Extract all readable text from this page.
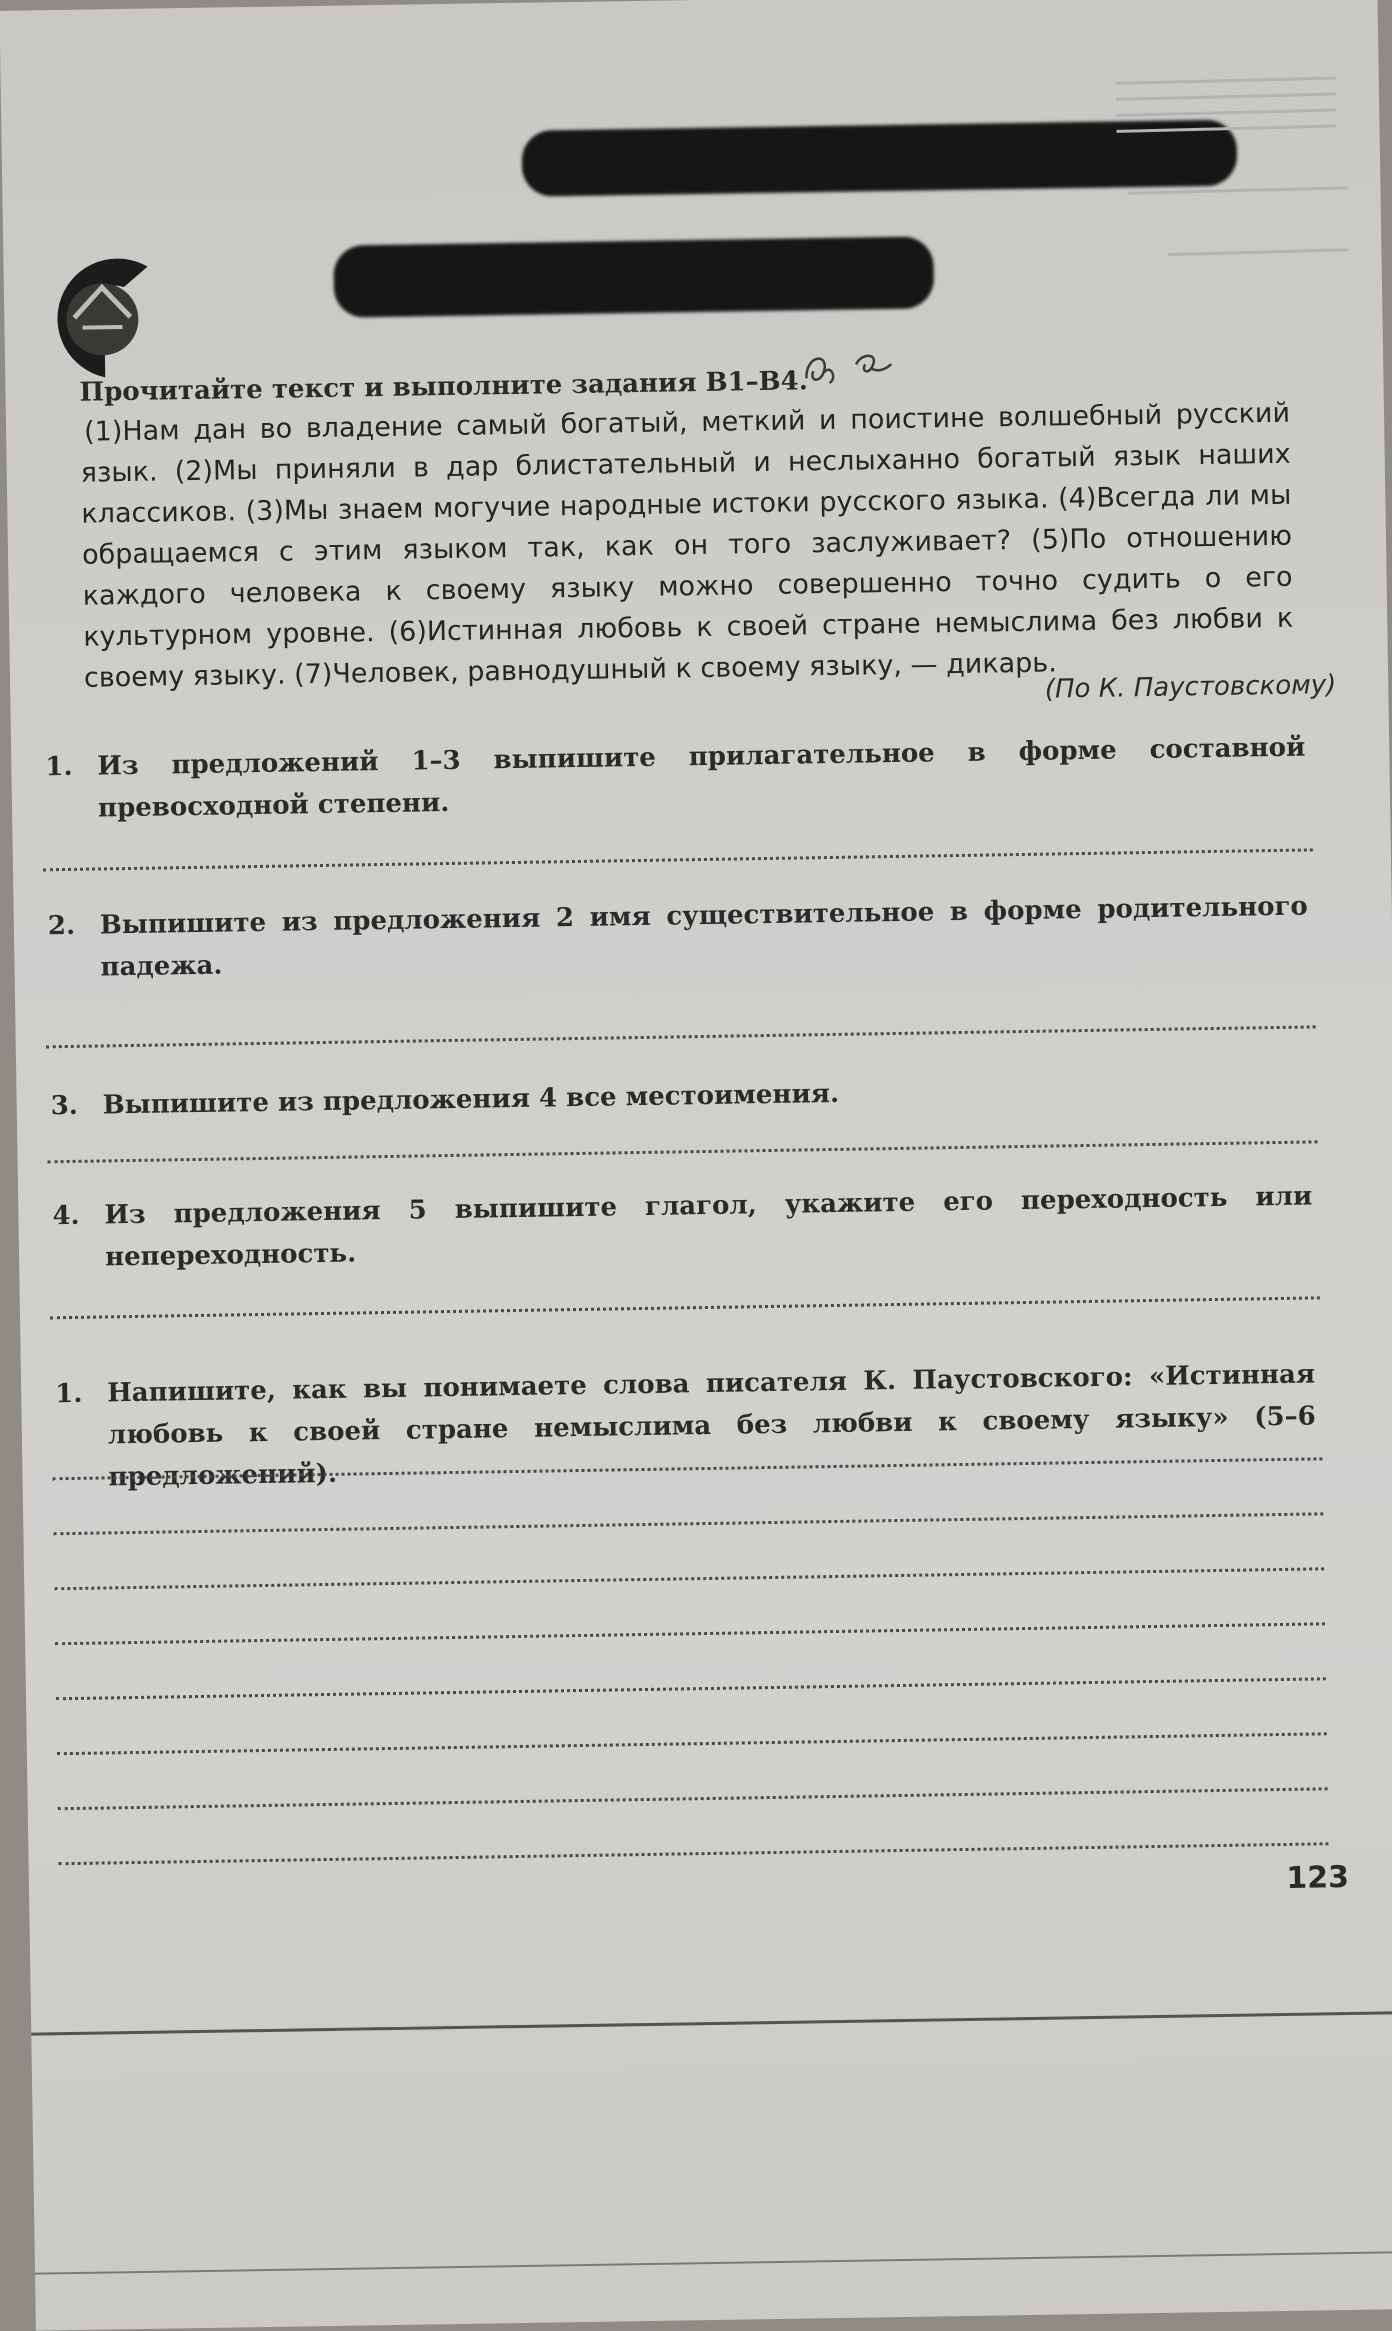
Прочитайте текст и выполните задания В1–В4.

(1)Нам дан во владение самый богатый, меткий и поистине волшебный русский язык. (2)Мы приняли в дар блистательный и неслыханно богатый язык наших классиков. (3)Мы знаем могучие народные истоки русского языка. (4)Всегда ли мы обращаемся с этим языком так, как он того заслуживает? (5)По отношению каждого человека к своему языку можно совершенно точно судить о его культурном уровне. (6)Истинная любовь к своей стране немыслима без любви к своему языку. (7)Человек, равнодушный к своему языку, — дикарь.

(По К. Паустовскому)
1. Из предложений 1–3 выпишите прилагательное в форме составной превосходной степени.
2. Выпишите из предложения 2 имя существительное в форме родительного падежа.
3. Выпишите из предложения 4 все местоимения.
4. Из предложения 5 выпишите глагол, укажите его переходность или непереходность.
1. Напишите, как вы понимаете слова писателя К. Паустовского: «Истинная любовь к своей стране немыслима без любви к своему языку» (5–6 предложений).
123
